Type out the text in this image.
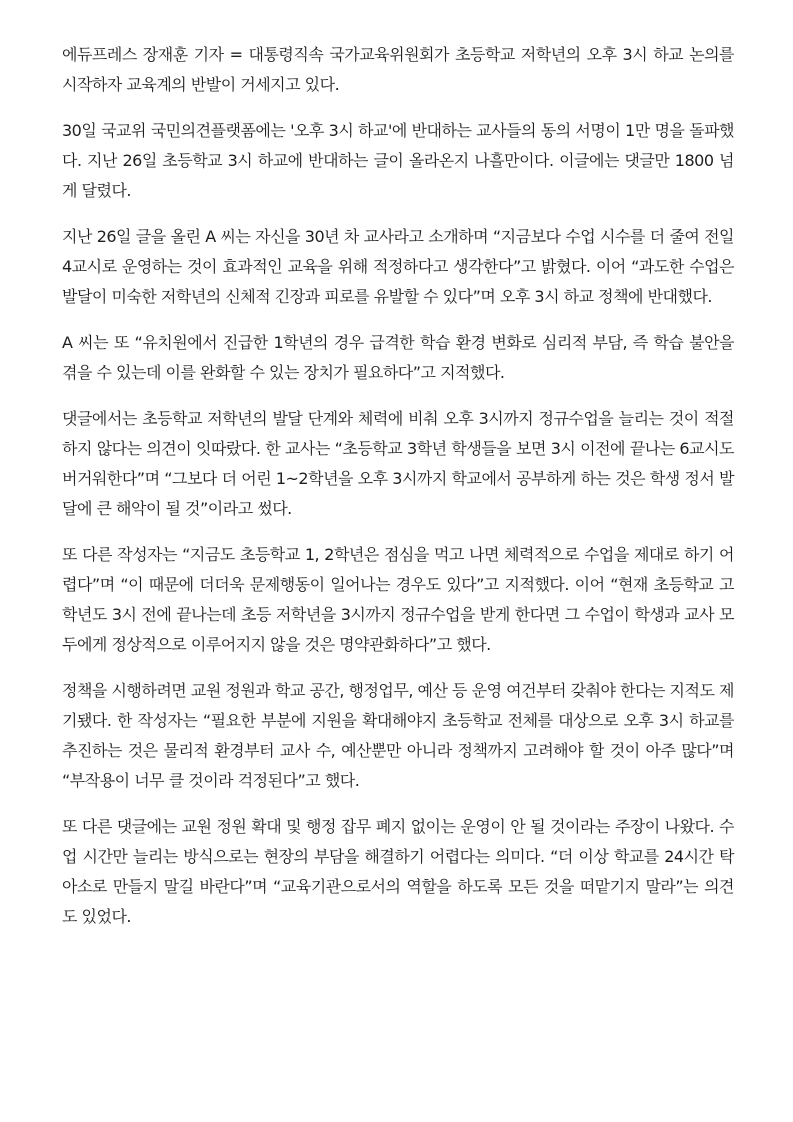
에듀프레스 장재훈 기자 = 대통령직속 국가교육위원회가 초등학교 저학년의 오후 3시 하교 논의를 시작하자 교육계의 반발이 거세지고 있다.

30일 국교위 국민의견플랫폼에는 '오후 3시 하교'에 반대하는 교사들의 동의 서명이 1만 명을 돌파했다. 지난 26일 초등학교 3시 하교에 반대하는 글이 올라온지 나흘만이다. 이글에는 댓글만 1800 넘게 달렸다.

지난 26일 글을 올린 A 씨는 자신을 30년 차 교사라고 소개하며 “지금보다 수업 시수를 더 줄여 전일 4교시로 운영하는 것이 효과적인 교육을 위해 적정하다고 생각한다”고 밝혔다. 이어 “과도한 수업은 발달이 미숙한 저학년의 신체적 긴장과 피로를 유발할 수 있다”며 오후 3시 하교 정책에 반대했다.

A 씨는 또 “유치원에서 진급한 1학년의 경우 급격한 학습 환경 변화로 심리적 부담, 즉 학습 불안을 겪을 수 있는데 이를 완화할 수 있는 장치가 필요하다”고 지적했다.

댓글에서는 초등학교 저학년의 발달 단계와 체력에 비춰 오후 3시까지 정규수업을 늘리는 것이 적절하지 않다는 의견이 잇따랐다. 한 교사는 “초등학교 3학년 학생들을 보면 3시 이전에 끝나는 6교시도 버거워한다”며 “그보다 더 어린 1~2학년을 오후 3시까지 학교에서 공부하게 하는 것은 학생 정서 발달에 큰 해악이 될 것”이라고 썼다.

또 다른 작성자는 “지금도 초등학교 1, 2학년은 점심을 먹고 나면 체력적으로 수업을 제대로 하기 어렵다”며 “이 때문에 더더욱 문제행동이 일어나는 경우도 있다”고 지적했다. 이어 “현재 초등학교 고학년도 3시 전에 끝나는데 초등 저학년을 3시까지 정규수업을 받게 한다면 그 수업이 학생과 교사 모두에게 정상적으로 이루어지지 않을 것은 명약관화하다”고 했다.

정책을 시행하려면 교원 정원과 학교 공간, 행정업무, 예산 등 운영 여건부터 갖춰야 한다는 지적도 제기됐다. 한 작성자는 “필요한 부분에 지원을 확대해야지 초등학교 전체를 대상으로 오후 3시 하교를 추진하는 것은 물리적 환경부터 교사 수, 예산뿐만 아니라 정책까지 고려해야 할 것이 아주 많다”며 “부작용이 너무 클 것이라 걱정된다”고 했다.

또 다른 댓글에는 교원 정원 확대 및 행정 잡무 폐지 없이는 운영이 안 될 것이라는 주장이 나왔다. 수업 시간만 늘리는 방식으로는 현장의 부담을 해결하기 어렵다는 의미다. “더 이상 학교를 24시간 탁아소로 만들지 말길 바란다”며 “교육기관으로서의 역할을 하도록 모든 것을 떠맡기지 말라”는 의견도 있었다.
